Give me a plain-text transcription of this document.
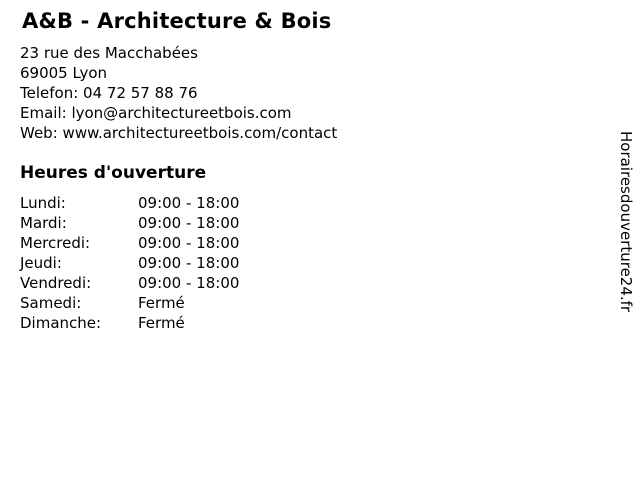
A&B - Architecture & Bois
23 rue des Macchabées
69005 Lyon
Telefon: 04 72 57 88 76
Email: lyon@architectureetbois.com
Web: www.architectureetbois.com/contact
Heures d'ouverture
Lundi:	09:00 - 18:00
Mardi:	09:00 - 18:00
Mercredi:	09:00 - 18:00
Jeudi:	09:00 - 18:00
Vendredi:	09:00 - 18:00
Samedi:	Fermé
Dimanche:	Fermé
Horairesdouverture24.fr
